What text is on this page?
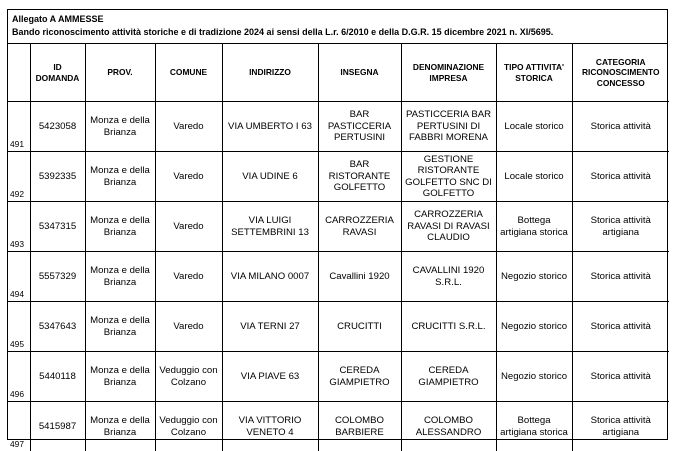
Allegato A AMMESSE
Bando riconoscimento attività storiche e di tradizione 2024 ai sensi della L.r. 6/2010 e della D.G.R. 15 dicembre 2021 n. XI/5695.
	ID DOMANDA	PROV.	COMUNE	INDIRIZZO	INSEGNA	DENOMINAZIONE IMPRESA	TIPO ATTIVITA' STORICA	CATEGORIA RICONOSCIMENTO CONCESSO
491	5423058	Monza e della Brianza	Varedo	VIA UMBERTO I 63	BAR PASTICCERIA PERTUSINI	PASTICCERIA BAR PERTUSINI DI FABBRI MORENA	Locale storico	Storica attività
492	5392335	Monza e della Brianza	Varedo	VIA UDINE 6	BAR RISTORANTE GOLFETTO	GESTIONE RISTORANTE GOLFETTO SNC DI GOLFETTO	Locale storico	Storica attività
493	5347315	Monza e della Brianza	Varedo	VIA LUIGI SETTEMBRINI 13	CARROZZERIA RAVASI	CARROZZERIA RAVASI DI RAVASI CLAUDIO	Bottega artigiana storica	Storica attività artigiana
494	5557329	Monza e della Brianza	Varedo	VIA MILANO 0007	Cavallini 1920	CAVALLINI 1920 S.R.L.	Negozio storico	Storica attività
495	5347643	Monza e della Brianza	Varedo	VIA TERNI 27	CRUCITTI	CRUCITTI S.R.L.	Negozio storico	Storica attività
496	5440118	Monza e della Brianza	Veduggio con Colzano	VIA PIAVE 63	CEREDA GIAMPIETRO	CEREDA GIAMPIETRO	Negozio storico	Storica attività
497	5415987	Monza e della Brianza	Veduggio con Colzano	VIA VITTORIO VENETO 4	COLOMBO BARBIERE	COLOMBO ALESSANDRO	Bottega artigiana storica	Storica attività artigiana
